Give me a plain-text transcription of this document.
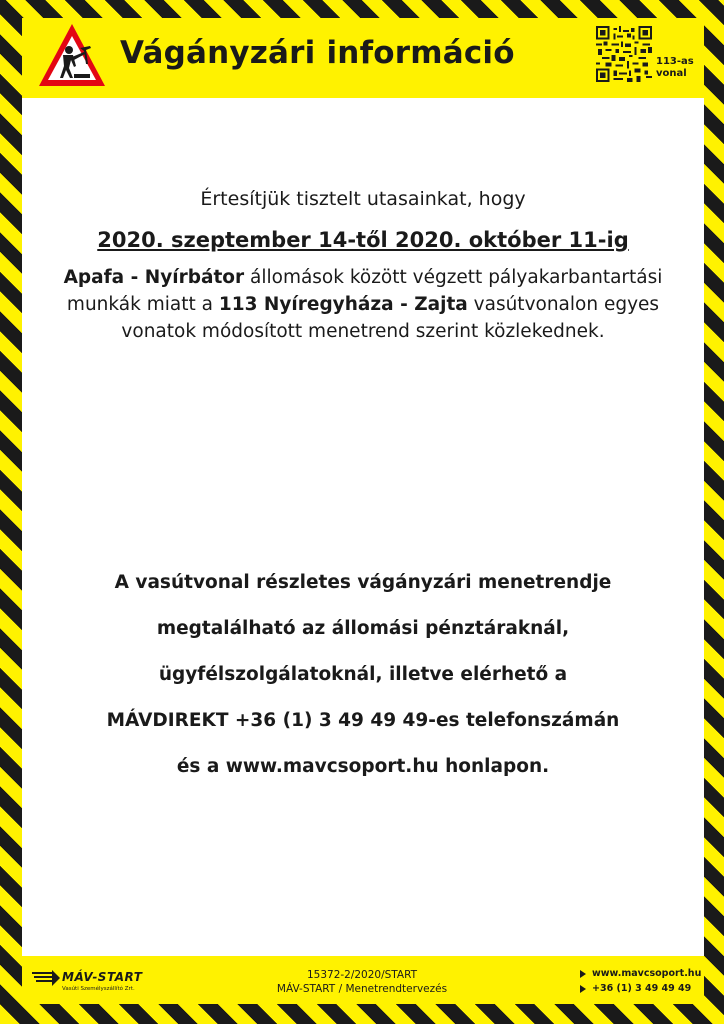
Vágányzári információ	113-as
vonal
Értesítjük tisztelt utasainkat, hogy
2020. szeptember 14-től 2020. október 11-ig
Apafa - Nyírbátor állomások között végzett pályakarbantartási munkák miatt a 113 Nyíregyháza - Zajta vasútvonalon egyes vonatok módosított menetrend szerint közlekednek.
A vasútvonal részletes vágányzári menetrendje
megtalálható az állomási pénztáraknál,
ügyfélszolgálatoknál, illetve elérhető a
MÁVDIREKT +36 (1) 3 49 49 49-es telefonszámán
és a www.mavcsoport.hu honlapon.
MÁV-START
Vasúti Személyszállító Zrt.
15372-2/2020/START
MÁV-START / Menetrendtervezés
www.mavcsoport.hu
+36 (1) 3 49 49 49
